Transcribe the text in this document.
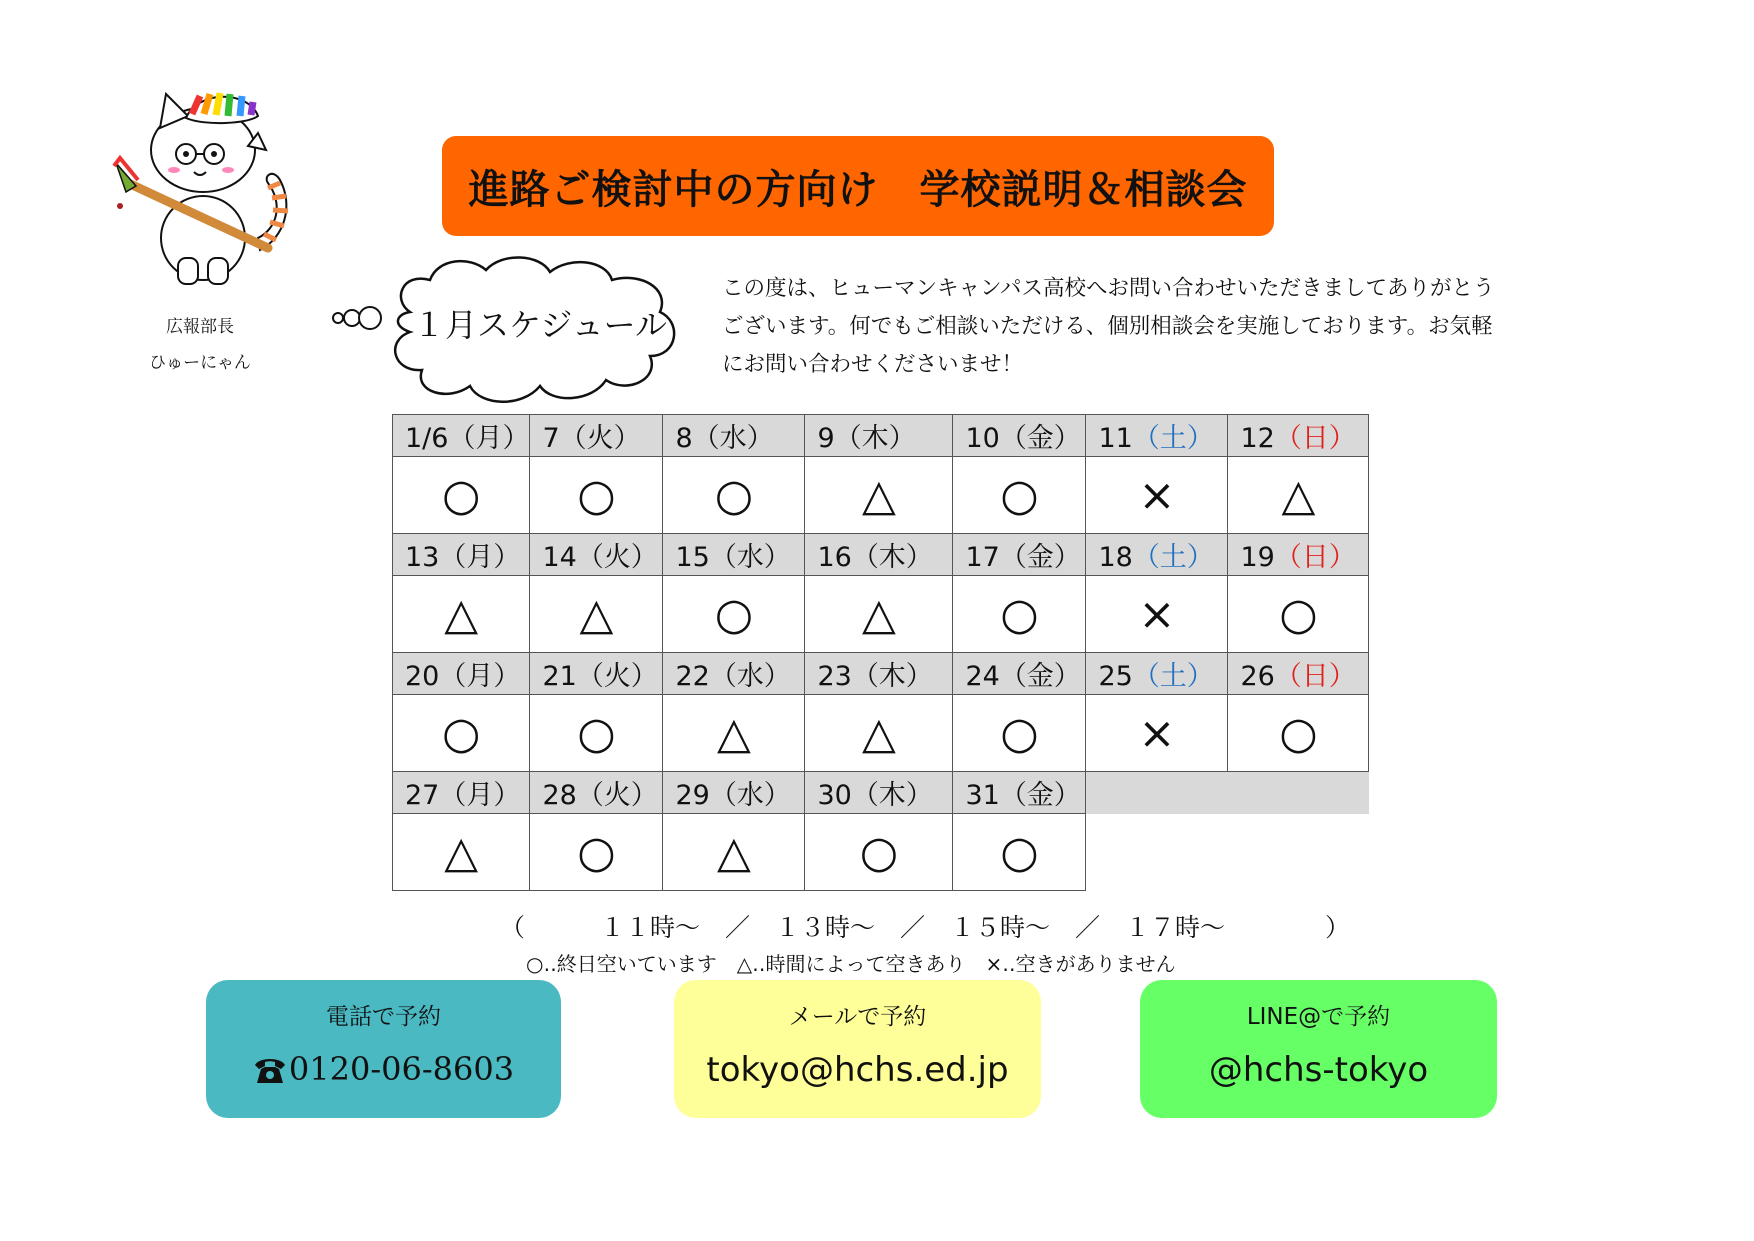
広報部長
ひゅーにゃん
進路ご検討中の方向け　学校説明＆相談会
１月スケジュール
この度は、ヒューマンキャンパス高校へお問い合わせいただきましてありがとう
ございます。何でもご相談いただける、個別相談会を実施しております。お気軽
にお問い合わせくださいませ！
1/6（月）	7（火）	8（水）	9（木）	10（金）	11（土）	12（日）
○	○	○	△	○	×	△
13（月）	14（火）	15（水）	16（木）	17（金）	18（土）	19（日）
△	△	○	△	○	×	○
20（月）	21（火）	22（水）	23（木）	24（金）	25（土）	26（日）
○	○	△	△	○	×	○
27（月）	28（火）	29（水）	30（木）	31（金）		
△	○	△	○	○		
（　　　１１時～　／　１３時～　／　１５時～　／　１７時～　　　　）
○‥終日空いています　△‥時間によって空きあり　×‥空きがありません
電話で予約
0120-06-8603
メールで予約
tokyo@hchs.ed.jp
LINE@で予約
@hchs-tokyo
